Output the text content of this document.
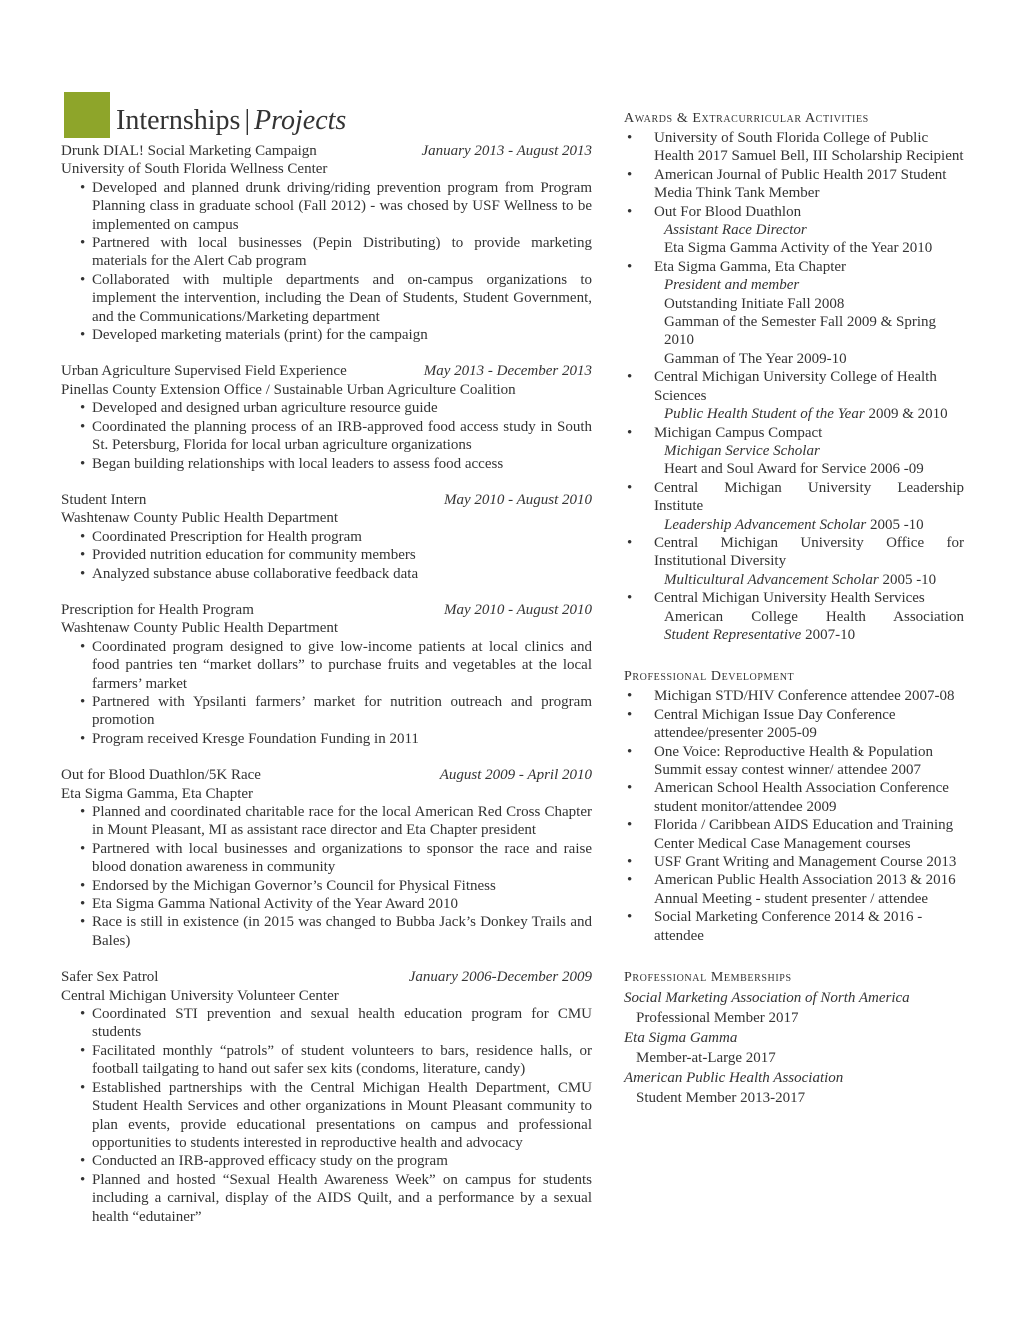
Internships | Projects
Drunk DIAL! Social Marketing Campaign	January 2013 - August 2013
University of South Florida Wellness Center
• Developed and planned drunk driving/riding prevention program from Program Planning class in graduate school (Fall 2012) - was chosed by USF Wellness to be implemented on campus
• Partnered with local businesses (Pepin Distributing) to provide marketing materials for the Alert Cab program
• Collaborated with multiple departments and on-campus organizations to implement the intervention, including the Dean of Students, Student Government, and the Communications/Marketing department
• Developed marketing materials (print) for the campaign
Urban Agriculture Supervised Field Experience	May 2013 - December 2013
Pinellas County Extension Office / Sustainable Urban Agriculture Coalition
• Developed and designed urban agriculture resource guide
• Coordinated the planning process of an IRB-approved food access study in South St. Petersburg, Florida for local urban agriculture organizations
• Began building relationships with local leaders to assess food access
Student Intern	May 2010 - August 2010
Washtenaw County Public Health Department
• Coordinated Prescription for Health program
• Provided nutrition education for community members
• Analyzed substance abuse collaborative feedback data
Prescription for Health Program	May 2010 - August 2010
Washtenaw County Public Health Department
• Coordinated program designed to give low-income patients at local clinics and food pantries ten “market dollars” to purchase fruits and vegetables at the local farmers’ market
• Partnered with Ypsilanti farmers’ market for nutrition outreach and program promotion
• Program received Kresge Foundation Funding in 2011
Out for Blood Duathlon/5K Race	August 2009 - April 2010
Eta Sigma Gamma, Eta Chapter
• Planned and coordinated charitable race for the local American Red Cross Chapter in Mount Pleasant, MI as assistant race director and Eta Chapter president
• Partnered with local businesses and organizations to sponsor the race and raise blood donation awareness in community
• Endorsed by the Michigan Governor’s Council for Physical Fitness
• Eta Sigma Gamma National Activity of the Year Award 2010
• Race is still in existence (in 2015 was changed to Bubba Jack’s Donkey Trails and Bales)
Safer Sex Patrol	January 2006-December 2009
Central Michigan University Volunteer Center
• Coordinated STI prevention and sexual health education program for CMU students
• Facilitated monthly “patrols” of student volunteers to bars, residence halls, or football tailgating to hand out safer sex kits (condoms, literature, candy)
• Established partnerships with the Central Michigan Health Department, CMU Student Health Services and other organizations in Mount Pleasant community to plan events, provide educational presentations on campus and professional opportunities to students interested in reproductive health and advocacy
• Conducted an IRB-approved efficacy study on the program
• Planned and hosted “Sexual Health Awareness Week” on campus for students including a carnival, display of the AIDS Quilt, and a performance by a sexual health “edutainer”
Awards & Extracurricular Activities
• University of South Florida College of Public Health 2017 Samuel Bell, III Scholarship Recipient
• American Journal of Public Health 2017 Student Media Think Tank Member
• Out For Blood Duathlon
Assistant Race Director
Eta Sigma Gamma Activity of the Year 2010
• Eta Sigma Gamma, Eta Chapter
President and member
Outstanding Initiate Fall 2008
Gamman of the Semester Fall 2009 & Spring 2010
Gamman of The Year 2009-10
• Central Michigan University College of Health Sciences
Public Health Student of the Year 2009 & 2010
• Michigan Campus Compact
Michigan Service Scholar
Heart and Soul Award for Service 2006 -09
• Central Michigan University Leadership
Institute
Leadership Advancement Scholar 2005 -10
• Central Michigan University Office for
Institutional Diversity
Multicultural Advancement Scholar 2005 -10
• Central Michigan University Health Services
American College Health Association
Student Representative 2007-10
Professional Development
• Michigan STD/HIV Conference attendee 2007-08
• Central Michigan Issue Day Conference attendee/presenter 2005-09
• One Voice: Reproductive Health & Population Summit essay contest winner/ attendee 2007
• American School Health Association Conference student monitor/attendee 2009
• Florida / Caribbean AIDS Education and Training Center Medical Case Management courses
• USF Grant Writing and Management Course 2013
• American Public Health Association 2013 & 2016 Annual Meeting - student presenter / attendee
• Social Marketing Conference 2014 & 2016 - attendee
Professional Memberships
Social Marketing Association of North America
Professional Member 2017
Eta Sigma Gamma
Member-at-Large 2017
American Public Health Association
Student Member 2013-2017
